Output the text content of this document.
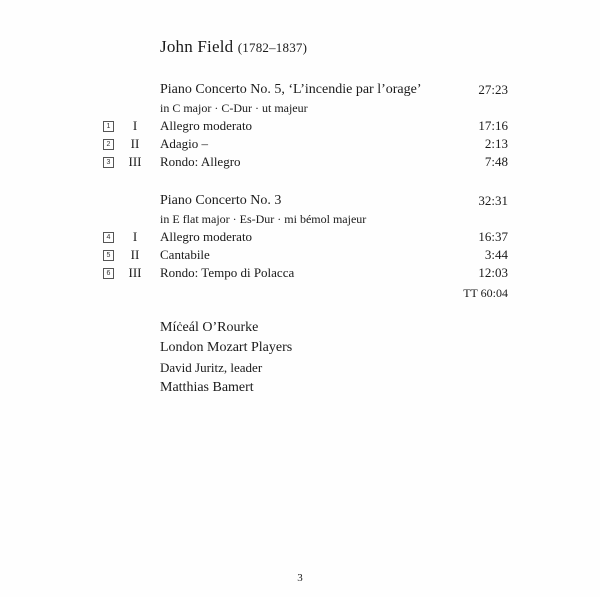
John Field (1782–1837)
Piano Concerto No. 5, ‘L’incendie par l’orage’	27:23
in C major · C-Dur · ut majeur
1	I	Allegro moderato	17:16
2	II	Adagio –	2:13
3	III	Rondo: Allegro	7:48
Piano Concerto No. 3	32:31
in E flat major · Es-Dur · mi bémol majeur
4	I	Allegro moderato	16:37
5	II	Cantabile	3:44
6	III	Rondo: Tempo di Polacca	12:03
TT 60:04
Míċeál O’Rourke
London Mozart Players
David Juritz, leader
Matthias Bamert
3
